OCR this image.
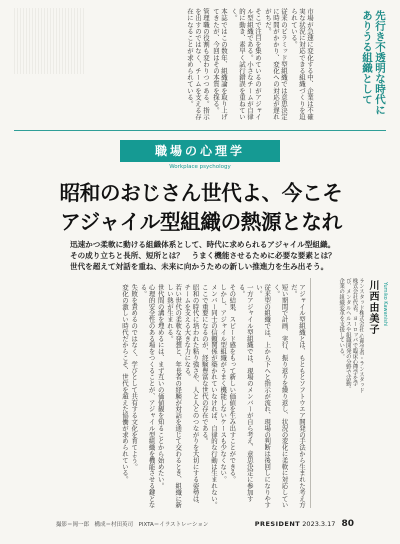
市場が急速に変化する中、企業は不確実な状況に対応できる組織づくりを迫られている。

従来のピラミッド型組織では意思決定に時間がかかり、変化への対応が遅れがちだ。

そこで注目を集めているのがアジャイル型組織である。小さなチームが自律的に動き、素早く試行錯誤を重ねていく。

本誌ではこの数年、組織論を取り上げてきたが、今回はその本質を探る。

管理職の役割も変わりつつある。指示を出すのではなく、チームを支える存在になることが求められている。	先行き不透明な時代に
ありうる組織として
職場の心理学
Workplace psychology
昭和のおじさん世代よ、今こそ
アジャイル型組織の熱源となれ
迅速かつ柔軟に動ける組織体系として、時代に求められるアジャイル型組織。
その成り立ちと長所、短所とは？　うまく機能させるために必要な要素とは？
世代を超えて対話を重ね、未来に向かうための新しい推進力を生み出そう。

アジャイル型組織とは、もともとソフトウエア開発の手法から生まれた考え方だ。

短い期間で計画、実行、振り返りを繰り返し、状況の変化に柔軟に対応していく。

従来型の組織では、上から下へと指示が流れ、現場の判断は後回しになりやすい。

一方アジャイル型組織では、現場のメンバーが自ら考え、意思決定に参加する。

その結果、スピード感をもって新しい価値を生み出すことができる。

しかし、アジャイル型組織がうまく機能しないケースも少なくない。

メンバー同士の信頼関係が築かれていなければ、自律的な行動は生まれない。

ここで重要になるのが、経験豊富な世代の存在である。

昭和の時代に培われた粘り強さや、人と人とのつながりを大切にする姿勢は、チームを支える大きな力になる。

若い世代の柔軟な発想と、年長者の経験が対話を通じて交わるとき、組織に新しい熱が生まれる。

世代間の溝を埋めるには、まず互いの価値観を知ることから始めたい。

心理的安全性のある場をつくることが、アジャイル型組織を機能させる鍵となる。

失敗を責めるのではなく、学びとして共有する文化を育てよう。

変化の激しい時代だからこそ、世代を超えた協働が求められている。	ランスタッド株式会社 心理学者・ランスタッド株式会社代表。ヨーロッパで臨床心理学を学び、メンタルヘルスや組織開発の分野で活動。企業の組織変革を支援している。	川西由美子 Yumiko Kawanishi
撮影＝岡一郎　構成＝村田英司　PIXTA＝イラストレーション	PRESIDENT 2023.3.17 80
